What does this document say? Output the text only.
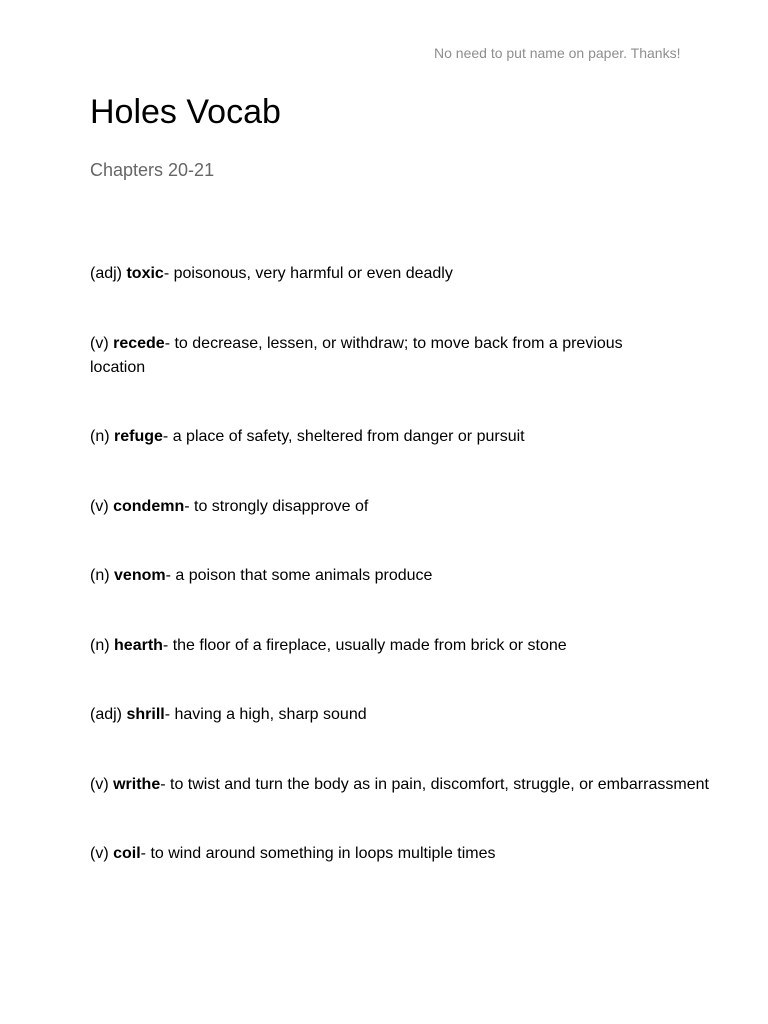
No need to put name on paper. Thanks!
Holes Vocab
Chapters 20-21
(adj) toxic- poisonous, very harmful or even deadly
(v) recede- to decrease, lessen, or withdraw; to move back from a previous location
(n) refuge- a place of safety, sheltered from danger or pursuit
(v) condemn- to strongly disapprove of
(n) venom- a poison that some animals produce
(n) hearth- the floor of a fireplace, usually made from brick or stone
(adj) shrill- having a high, sharp sound
(v) writhe- to twist and turn the body as in pain, discomfort, struggle, or embarrassment
(v) coil- to wind around something in loops multiple times
